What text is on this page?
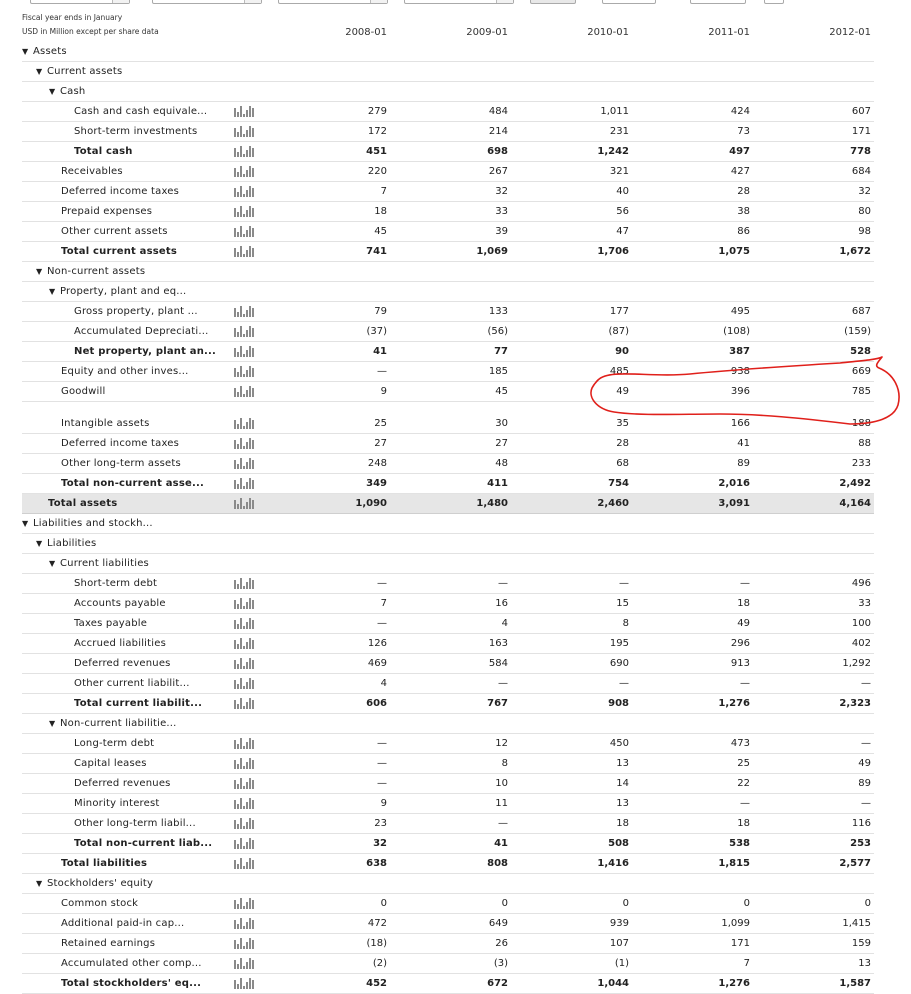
Fiscal year ends in January
USD in Million except per share data	2008-01	2009-01	2010-01	2011-01	2012-01
▼ Assets
▼ Current assets
▼ Cash
Cash and cash equivale...	279	484	1,011	424	607
Short-term investments	172	214	231	73	171
Total cash	451	698	1,242	497	778
Receivables	220	267	321	427	684
Deferred income taxes	7	32	40	28	32
Prepaid expenses	18	33	56	38	80
Other current assets	45	39	47	86	98
Total current assets	741	1,069	1,706	1,075	1,672
▼ Non-current assets
▼ Property, plant and eq...
Gross property, plant ...	79	133	177	495	687
Accumulated Depreciati...	(37)	(56)	(87)	(108)	(159)
Net property, plant an...	41	77	90	387	528
Equity and other inves...	—	185	485	938	669
Goodwill	9	45	49	396	785
Intangible assets	25	30	35	166	188
Deferred income taxes	27	27	28	41	88
Other long-term assets	248	48	68	89	233
Total non-current asse...	349	411	754	2,016	2,492
Total assets	1,090	1,480	2,460	3,091	4,164
▼ Liabilities and stockh...
▼ Liabilities
▼ Current liabilities
Short-term debt	—	—	—	—	496
Accounts payable	7	16	15	18	33
Taxes payable	—	4	8	49	100
Accrued liabilities	126	163	195	296	402
Deferred revenues	469	584	690	913	1,292
Other current liabilit...	4	—	—	—	—
Total current liabilit...	606	767	908	1,276	2,323
▼ Non-current liabilitie...
Long-term debt	—	12	450	473	—
Capital leases	—	8	13	25	49
Deferred revenues	—	10	14	22	89
Minority interest	9	11	13	—	—
Other long-term liabil...	23	—	18	18	116
Total non-current liab...	32	41	508	538	253
Total liabilities	638	808	1,416	1,815	2,577
▼ Stockholders' equity
Common stock	0	0	0	0	0
Additional paid-in cap...	472	649	939	1,099	1,415
Retained earnings	(18)	26	107	171	159
Accumulated other comp...	(2)	(3)	(1)	7	13
Total stockholders' eq...	452	672	1,044	1,276	1,587
